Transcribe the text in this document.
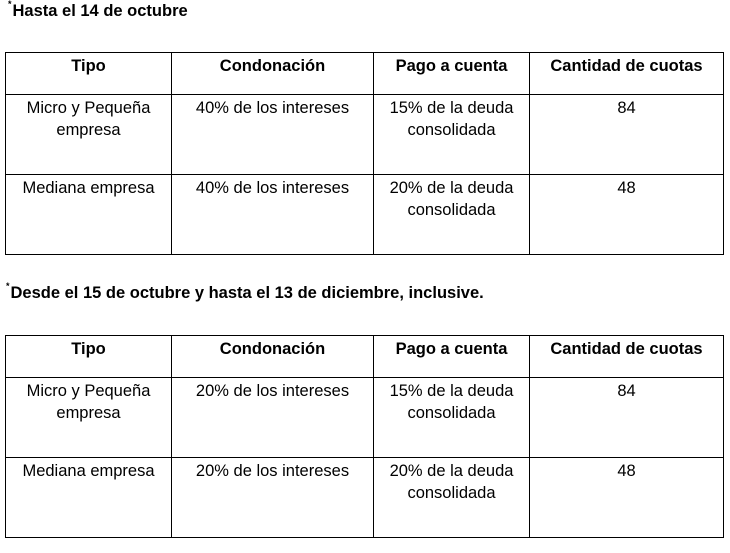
*Hasta el 14 de octubre
Tipo	Condonación	Pago a cuenta	Cantidad de cuotas
Micro y Pequeña empresa	40% de los intereses	15% de la deuda consolidada	84
Mediana empresa	40% de los intereses	20% de la deuda consolidada	48
*Desde el 15 de octubre y hasta el 13 de diciembre, inclusive.
Tipo	Condonación	Pago a cuenta	Cantidad de cuotas
Micro y Pequeña empresa	20% de los intereses	15% de la deuda consolidada	84
Mediana empresa	20% de los intereses	20% de la deuda consolidada	48
